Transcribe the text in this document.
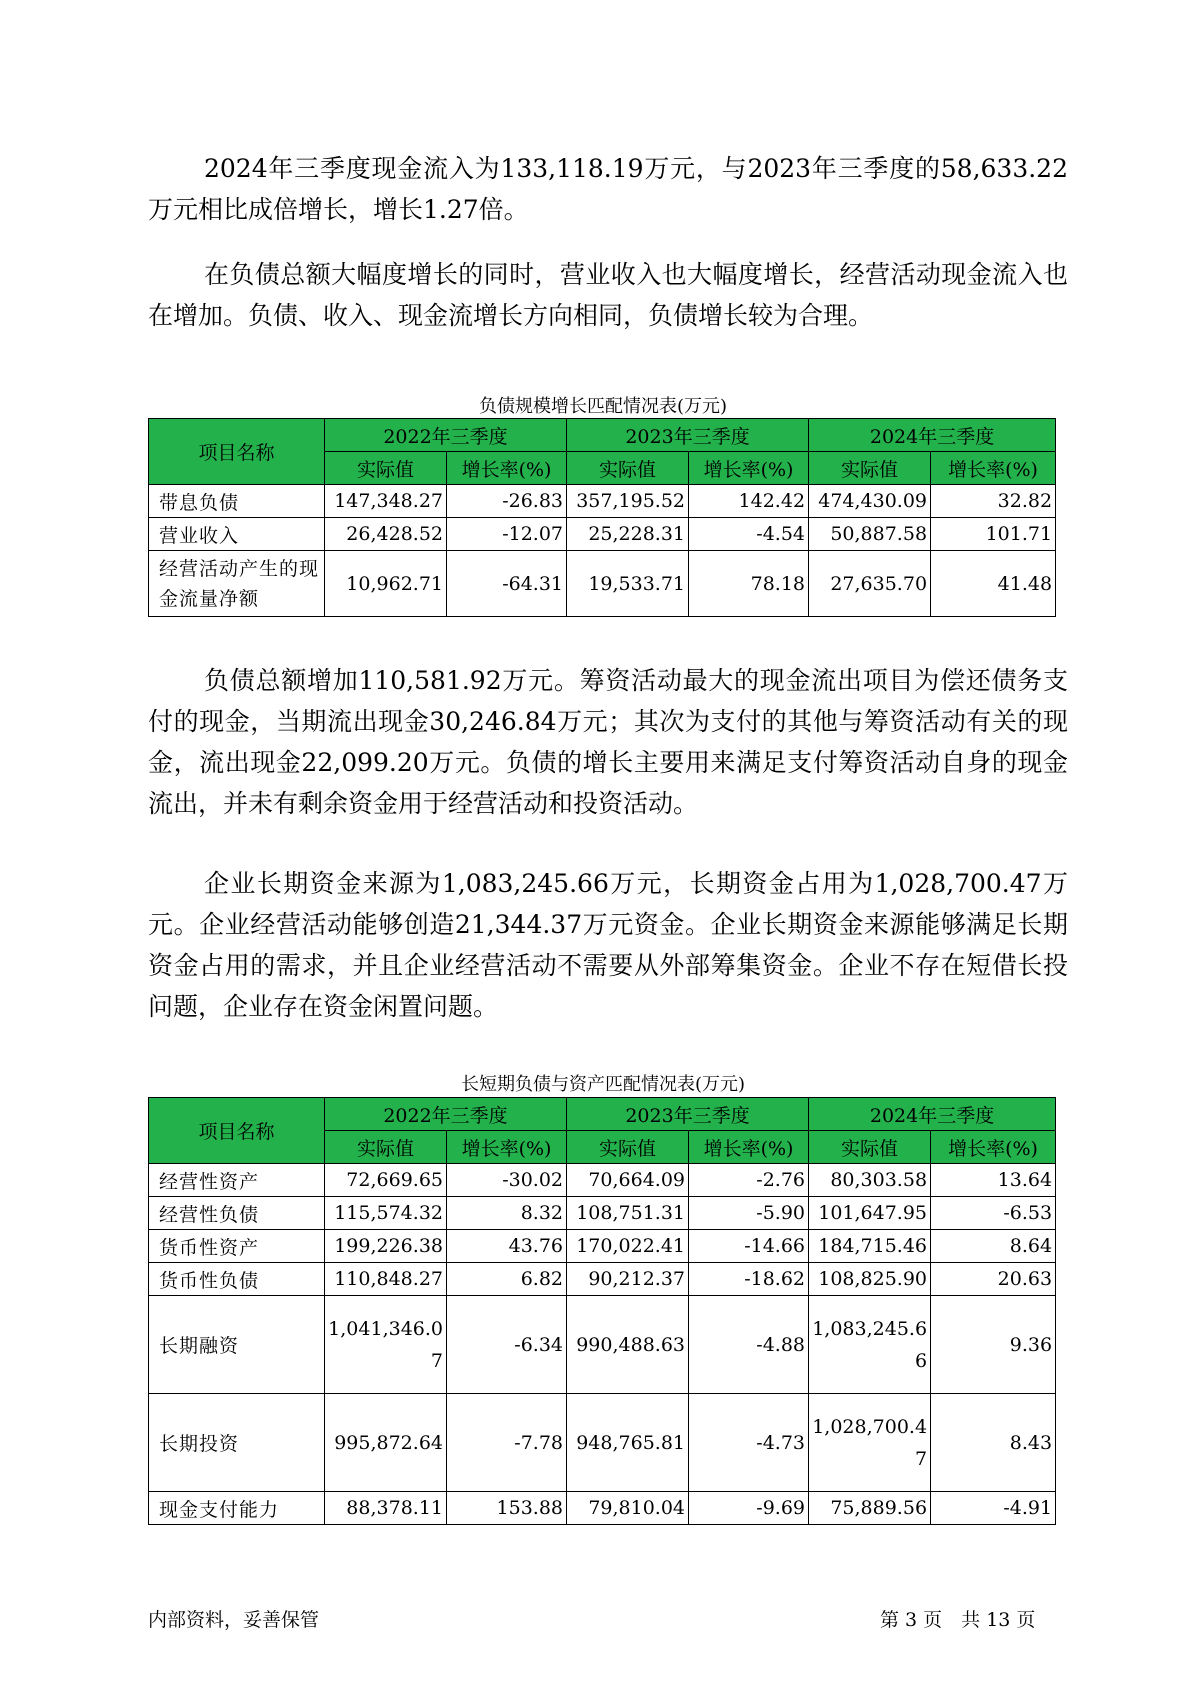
2024年三季度现金流入为133,118.19万元，与2023年三季度的58,633.22万元相比成倍增长，增长1.27倍。

在负债总额大幅度增长的同时，营业收入也大幅度增长，经营活动现金流入也在增加。负债、收入、现金流增长方向相同，负债增长较为合理。

负债规模增长匹配情况表(万元)

项目名称	2022年三季度		2023年三季度		2024年三季度	
	实际值	增长率(%)	实际值	增长率(%)	实际值	增长率(%)
带息负债	147,348.27	-26.83	357,195.52	142.42	474,430.09	32.82
营业收入	26,428.52	-12.07	25,228.31	-4.54	50,887.58	101.71
经营活动产生的现金流量净额	10,962.71	-64.31	19,533.71	78.18	27,635.70	41.48

负债总额增加110,581.92万元。筹资活动最大的现金流出项目为偿还债务支付的现金，当期流出现金30,246.84万元；其次为支付的其他与筹资活动有关的现金，流出现金22,099.20万元。负债的增长主要用来满足支付筹资活动自身的现金流出，并未有剩余资金用于经营活动和投资活动。

企业长期资金来源为1,083,245.66万元，长期资金占用为1,028,700.47万元。企业经营活动能够创造21,344.37万元资金。企业长期资金来源能够满足长期资金占用的需求，并且企业经营活动不需要从外部筹集资金。企业不存在短借长投问题，企业存在资金闲置问题。

长短期负债与资产匹配情况表(万元)

项目名称	2022年三季度		2023年三季度		2024年三季度	
	实际值	增长率(%)	实际值	增长率(%)	实际值	增长率(%)
经营性资产	72,669.65	-30.02	70,664.09	-2.76	80,303.58	13.64
经营性负债	115,574.32	8.32	108,751.31	-5.90	101,647.95	-6.53
货币性资产	199,226.38	43.76	170,022.41	-14.66	184,715.46	8.64
货币性负债	110,848.27	6.82	90,212.37	-18.62	108,825.90	20.63
长期融资	1,041,346.07	-6.34	990,488.63	-4.88	1,083,245.66	9.36
长期投资	995,872.64	-7.78	948,765.81	-4.73	1,028,700.47	8.43
现金支付能力	88,378.11	153.88	79,810.04	-9.69	75,889.56	-4.91
内部资料，妥善保管	第 3 页　共 13 页
